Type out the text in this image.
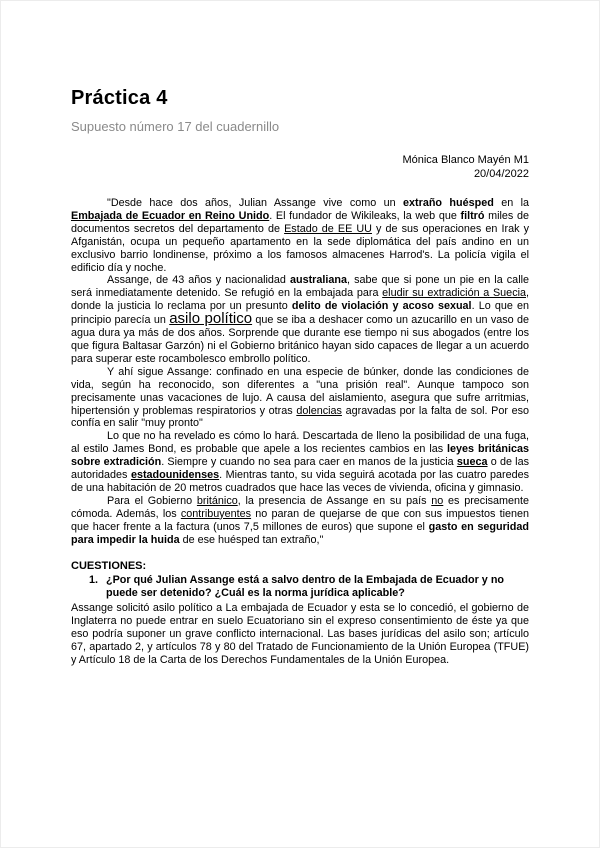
Práctica 4
Supuesto número 17 del cuadernillo
Mónica Blanco Mayén M1
20/04/2022

"Desde hace dos años, Julian Assange vive como un extraño huésped en la Embajada de Ecuador en Reino Unido. El fundador de Wikileaks, la web que filtró miles de documentos secretos del departamento de Estado de EE UU y de sus operaciones en Irak y Afganistán, ocupa un pequeño apartamento en la sede diplomática del país andino en un exclusivo barrio londinense, próximo a los famosos almacenes Harrod's. La policía vigila el edificio día y noche.

Assange, de 43 años y nacionalidad australiana, sabe que si pone un pie en la calle será inmediatamente detenido. Se refugió en la embajada para eludir su extradición a Suecia, donde la justicia lo reclama por un presunto delito de violación y acoso sexual. Lo que en principio parecía un asilo político que se iba a deshacer como un azucarillo en un vaso de agua dura ya más de dos años. Sorprende que durante ese tiempo ni sus abogados (entre los que figura Baltasar Garzón) ni el Gobierno británico hayan sido capaces de llegar a un acuerdo para superar este rocambolesco embrollo político.

Y ahí sigue Assange: confinado en una especie de búnker, donde las condiciones de vida, según ha reconocido, son diferentes a "una prisión real". Aunque tampoco son precisamente unas vacaciones de lujo. A causa del aislamiento, asegura que sufre arritmias, hipertensión y problemas respiratorios y otras dolencias agravadas por la falta de sol. Por eso confía en salir "muy pronto"

Lo que no ha revelado es cómo lo hará. Descartada de lleno la posibilidad de una fuga, al estilo James Bond, es probable que apele a los recientes cambios en las leyes británicas sobre extradición. Siempre y cuando no sea para caer en manos de la justicia sueca o de las autoridades estadounidenses. Mientras tanto, su vida seguirá acotada por las cuatro paredes de una habitación de 20 metros cuadrados que hace las veces de vivienda, oficina y gimnasio.

Para el Gobierno británico, la presencia de Assange en su país no es precisamente cómoda. Además, los contribuyentes no paran de quejarse de que con sus impuestos tienen que hacer frente a la factura (unos 7,5 millones de euros) que supone el gasto en seguridad para impedir la huida de ese huésped tan extraño,"

CUESTIONES:
1. ¿Por qué Julian Assange está a salvo dentro de la Embajada de Ecuador y no puede ser detenido? ¿Cuál es la norma jurídica aplicable?
Assange solicitó asilo político a La embajada de Ecuador y esta se lo concedió, el gobierno de Inglaterra no puede entrar en suelo Ecuatoriano sin el expreso consentimiento de éste ya que eso podría suponer un grave conflicto internacional. Las bases jurídicas del asilo son; artículo 67, apartado 2, y artículos 78 y 80 del Tratado de Funcionamiento de la Unión Europea (TFUE) y Artículo 18 de la Carta de los Derechos Fundamentales de la Unión Europea.
